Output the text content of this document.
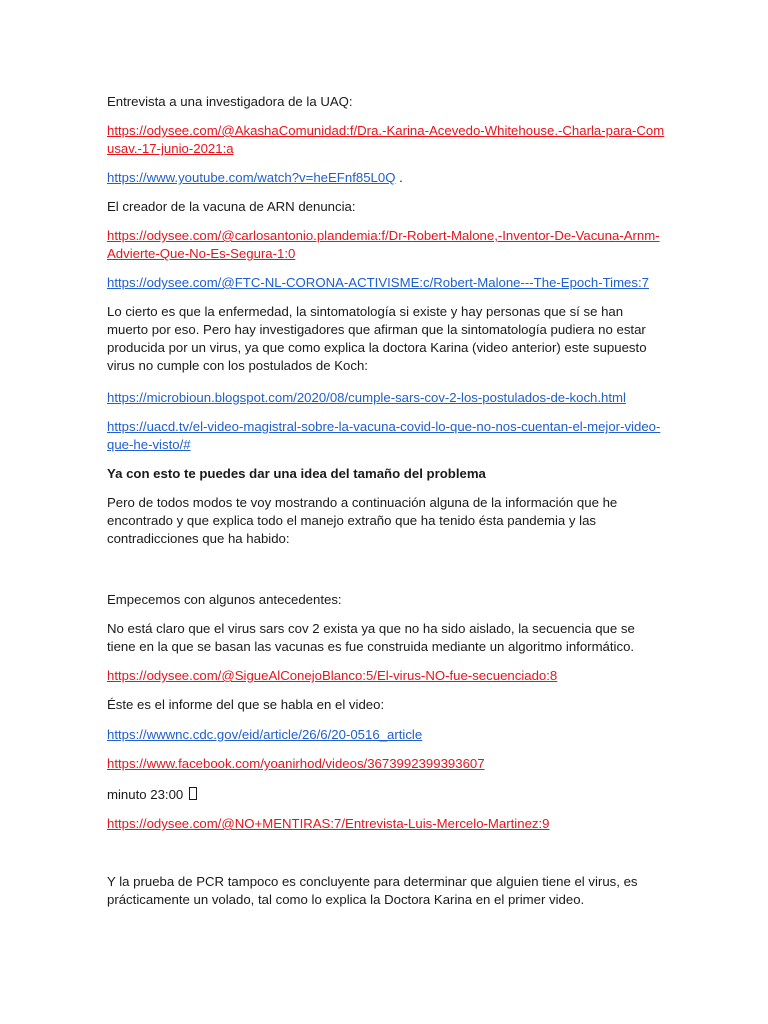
Entrevista a una investigadora de la UAQ:

https://odysee.com/@AkashaComunidad:f/Dra.-Karina-Acevedo-Whitehouse.-Charla-para-Comusav.-17-junio-2021:a

https://www.youtube.com/watch?v=heEFnf85L0Q .

El creador de la vacuna de ARN denuncia:

https://odysee.com/@carlosantonio.plandemia:f/Dr-Robert-Malone,-Inventor-De-Vacuna-Arnm-Advierte-Que-No-Es-Segura-1:0

https://odysee.com/@FTC-NL-CORONA-ACTIVISME:c/Robert-Malone---The-Epoch-Times:7

Lo cierto es que la enfermedad, la sintomatología si existe y hay personas que sí se han muerto por eso. Pero hay investigadores que afirman que la sintomatología pudiera no estar producida por un virus, ya que como explica la doctora Karina (video anterior) este supuesto virus no cumple con los postulados de Koch:

https://microbioun.blogspot.com/2020/08/cumple-sars-cov-2-los-postulados-de-koch.html

https://uacd.tv/el-video-magistral-sobre-la-vacuna-covid-lo-que-no-nos-cuentan-el-mejor-video-que-he-visto/#

Ya con esto te puedes dar una idea del tamaño del problema

Pero de todos modos te voy mostrando a continuación alguna de la información que he encontrado y que explica todo el manejo extraño que ha tenido ésta pandemia y las contradicciones que ha habido:

Empecemos con algunos antecedentes:

No está claro que el virus sars cov 2 exista ya que no ha sido aislado, la secuencia que se tiene en la que se basan las vacunas es fue construida mediante un algoritmo informático.

https://odysee.com/@SigueAlConejoBlanco:5/El-virus-NO-fue-secuenciado:8

Éste es el informe del que se habla en el video:

https://wwwnc.cdc.gov/eid/article/26/6/20-0516_article

https://www.facebook.com/yoanirhod/videos/3673992399393607

minuto 23:00

https://odysee.com/@NO+MENTIRAS:7/Entrevista-Luis-Mercelo-Martinez:9

Y la prueba de PCR tampoco es concluyente para determinar que alguien tiene el virus, es prácticamente un volado, tal como lo explica la Doctora Karina en el primer video.
